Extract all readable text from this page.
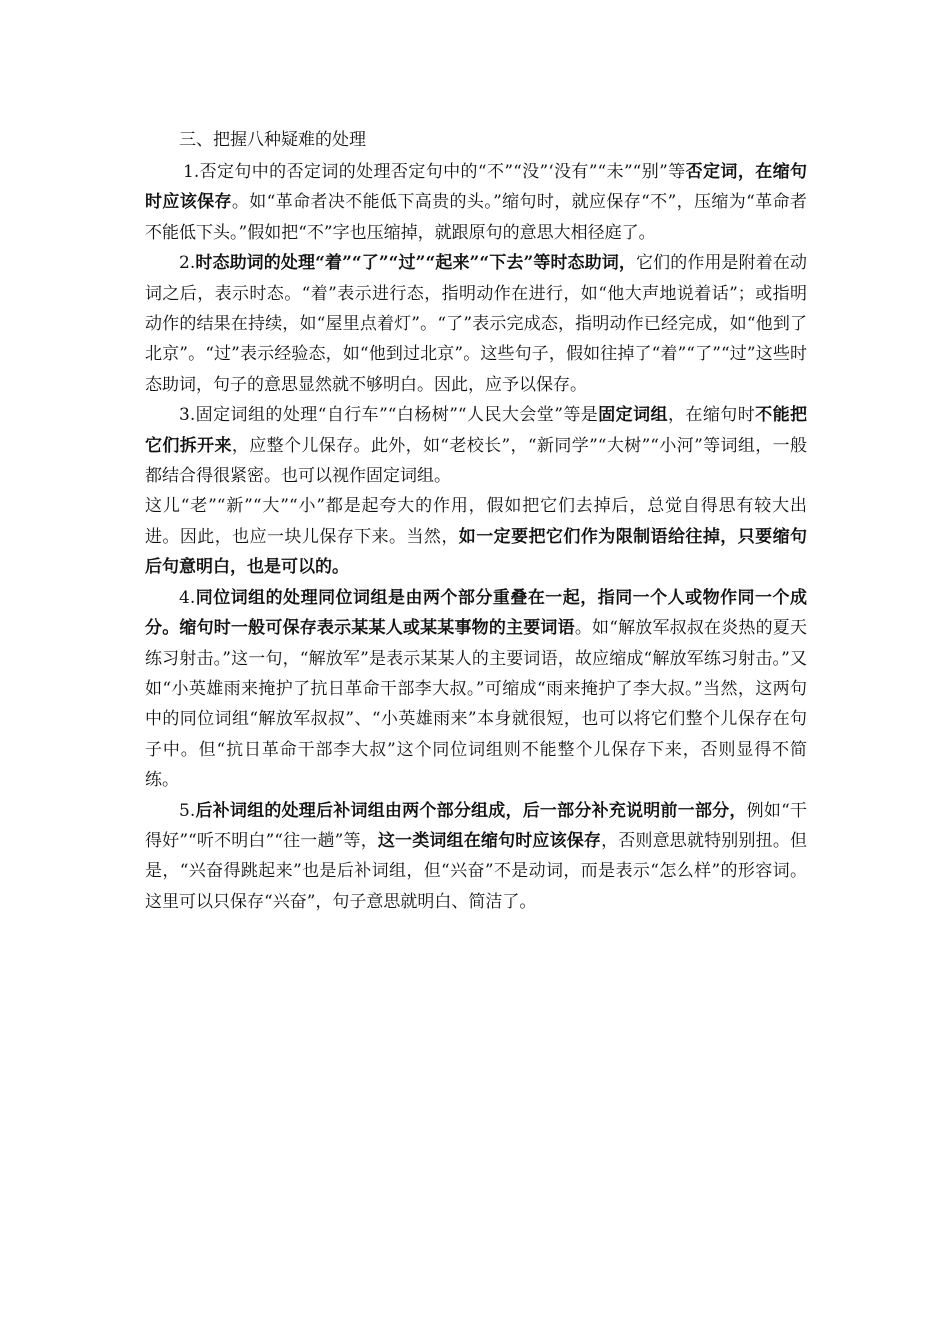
三、把握八种疑难的处理

1.否定句中的否定词的处理否定句中的“不”“没”‘没有”“未”“别”等否定词，在缩句时应该保存。如“革命者决不能低下高贵的头。”缩句时，就应保存“不”，压缩为“革命者不能低下头。”假如把“不”字也压缩掉，就跟原句的意思大相径庭了。

2.时态助词的处理“着”“了”“过”“起来”“下去”等时态助词，它们的作用是附着在动词之后，表示时态。“着”表示进行态，指明动作在进行，如“他大声地说着话”；或指明动作的结果在持续，如“屋里点着灯”。“了”表示完成态，指明动作已经完成，如“他到了北京”。“过”表示经验态，如“他到过北京”。这些句子，假如往掉了“着”“了”“过”这些时态助词，句子的意思显然就不够明白。因此，应予以保存。

3.固定词组的处理“自行车”“白杨树”“人民大会堂”等是固定词组，在缩句时不能把它们拆开来，应整个儿保存。此外，如“老校长”，“新同学”“大树”“小河”等词组，一般都结合得很紧密。也可以视作固定词组。

这儿“老”“新”“大”“小”都是起夸大的作用，假如把它们去掉后，总觉自得思有较大出进。因此，也应一块儿保存下来。当然，如一定要把它们作为限制语给往掉，只要缩句后句意明白，也是可以的。

4.同位词组的处理同位词组是由两个部分重叠在一起，指同一个人或物作同一个成分。缩句时一般可保存表示某某人或某某事物的主要词语。如“解放军叔叔在炎热的夏天练习射击。”这一句，“解放军”是表示某某人的主要词语，故应缩成“解放军练习射击。”又如“小英雄雨来掩护了抗日革命干部李大叔。”可缩成“雨来掩护了李大叔。”当然，这两句中的同位词组“解放军叔叔”、“小英雄雨来”本身就很短，也可以将它们整个儿保存在句子中。但“抗日革命干部李大叔”这个同位词组则不能整个儿保存下来，否则显得不简练。

5.后补词组的处理后补词组由两个部分组成，后一部分补充说明前一部分，例如“干得好”“听不明白”“往一趟”等，这一类词组在缩句时应该保存，否则意思就特别别扭。但是，“兴奋得跳起来”也是后补词组，但“兴奋”不是动词，而是表示“怎么样”的形容词。这里可以只保存“兴奋”，句子意思就明白、简洁了。
